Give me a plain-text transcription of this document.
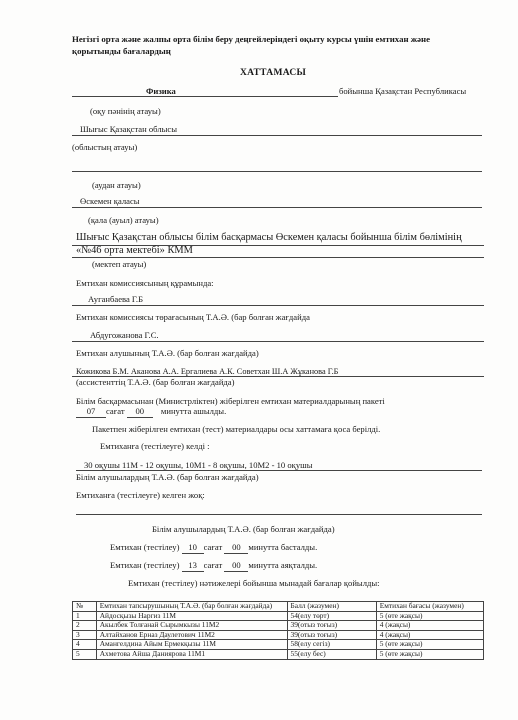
Негізгі орта және жалпы орта білім беру деңгейлеріндегі оқыту курсы үшін емтихан және
қорытынды бағалардың
ХАТТАМАСЫ
Физика	бойынша Қазақстан Республикасы
(оқу пәнінің атауы)
Шығыс Қазақстан облысы
(облыстың атауы)
(аудан атауы)
Өскемен қаласы
(қала (ауыл) атауы)
Шығыс Қазақстан облысы білім басқармасы Өскемен қаласы бойынша білім бөлімінің
«№46 орта мектебі» КММ
(мектеп атауы)
Емтихан комиссиясының құрамында:
Ауганбаева Г.Б
Емтихан комиссиясы төрағасының Т.А.Ә. (бар болған жағдайда
Абдугожанова Г.С.
Емтихан алушының Т.А.Ә. (бар болған жағдайда)
Кожикова Б.М. Аканова А.А. Ергалиева А.К. Советхан Ш.А Жұканова Г.Б
(ассистенттің Т.А.Ә. (бар болған жағдайда)
Білім басқармасынан (Министрліктен) жіберілген емтихан материалдарының пакеті
07 сағат 00 минутта ашылды.
Пакетпен жіберілген емтихан (тест) материалдары осы хаттамаға қоса берілді.
Емтиханға (тестілеуге) келді :
30 оқушы 11М - 12 оқушы, 10М1 - 8 оқушы, 10М2 - 10 оқушы
Білім алушылардың Т.А.Ә. (бар болған жағдайда)
Емтиханға (тестілеуге) келген жоқ:
Білім алушылардың Т.А.Ә. (бар болған жағдайда)
Емтихан (тестілеу) 10 сағат 00 минутта басталды.
Емтихан (тестілеу) 13 сағат 00 минутта аяқталды.
Емтихан (тестілеу) нәтижелері бойынша мынадай бағалар қойылды:
№	Емтихан тапсырушының Т.А.Ә. (бар болған жағдайда)	Балл (жазумен)	Емтихан бағасы (жазумен)
1	Айдосқызы Наргиз 11М	54(елу төрт)	5 (өте жақсы)
2	Акылбек Толғанай Сырымкызы 11М2	39(отыз тоғыз)	4 (жақсы)
3	Алтайханов Ерназ Даулетович 11М2	39(отыз тоғыз)	4 (жақсы)
4	Амангелдина Айым Ермекқызы 11М	58(елу сегіз)	5 (өте жақсы)
5	Ахметова Айша Даниярова 11М1	55(елу бес)	5 (өте жақсы)
